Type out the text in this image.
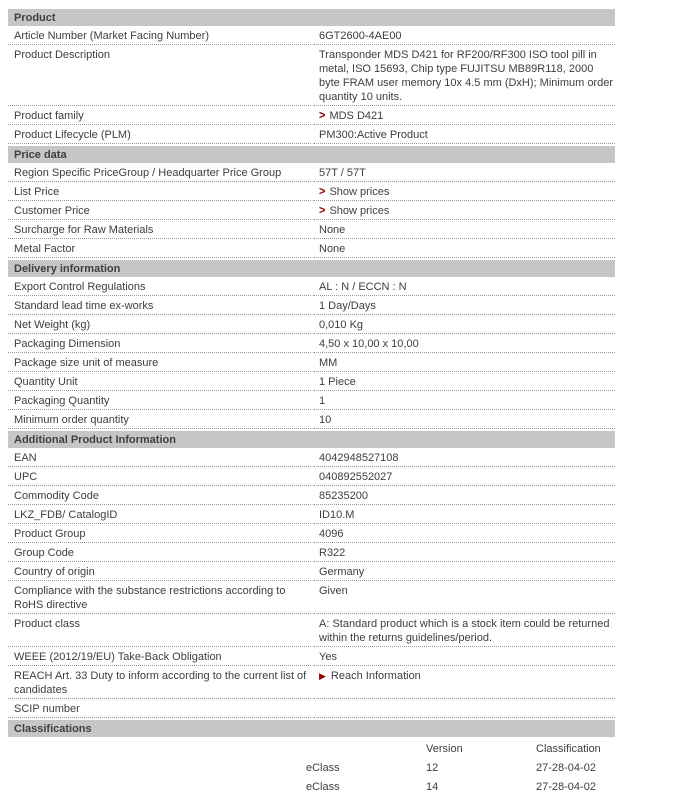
Product
Article Number (Market Facing Number)	6GT2600-4AE00
Product Description	Transponder MDS D421 for RF200/RF300 ISO tool pill in metal, ISO 15693, Chip type FUJITSU MB89R118, 2000 byte FRAM user memory 10x 4.5 mm (DxH); Minimum order quantity 10 units.
Product family	> MDS D421
Product Lifecycle (PLM)	PM300:Active Product
Price data
Region Specific PriceGroup / Headquarter Price Group	57T / 57T
List Price	> Show prices
Customer Price	> Show prices
Surcharge for Raw Materials	None
Metal Factor	None
Delivery information
Export Control Regulations	AL : N / ECCN : N
Standard lead time ex-works	1 Day/Days
Net Weight (kg)	0,010 Kg
Packaging Dimension	4,50 x 10,00 x 10,00
Package size unit of measure	MM
Quantity Unit	1 Piece
Packaging Quantity	1
Minimum order quantity	10
Additional Product Information
EAN	4042948527108
UPC	040892552027
Commodity Code	85235200
LKZ_FDB/ CatalogID	ID10.M
Product Group	4096
Group Code	R322
Country of origin	Germany
Compliance with the substance restrictions according to RoHS directive	Given
Product class	A: Standard product which is a stock item could be returned within the returns guidelines/period.
WEEE (2012/19/EU) Take-Back Obligation	Yes
REACH Art. 33 Duty to inform according to the current list of candidates	▶ Reach Information
SCIP number	
Classifications

		Version	Classification
	eClass	12	27-28-04-02
	eClass	14	27-28-04-02
